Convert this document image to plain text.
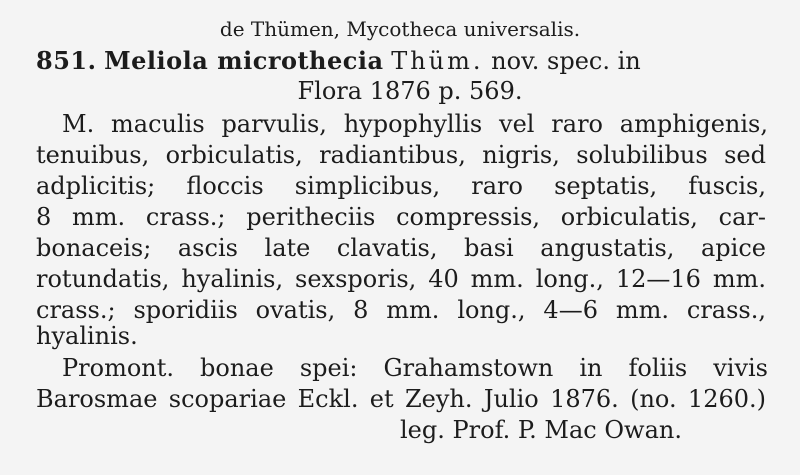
de Thümen, Mycotheca universalis.
851. Meliola microthecia Thüm. nov. spec. in
Flora 1876 p. 569.
M. maculis parvulis, hypophyllis vel raro amphigenis,
tenuibus, orbiculatis, radiantibus, nigris, solubilibus sed
adplicitis; floccis simplicibus, raro septatis, fuscis,
8 mm. crass.; peritheciis compressis, orbiculatis, car-
bonaceis; ascis late clavatis, basi angustatis, apice
rotundatis, hyalinis, sexsporis, 40 mm. long., 12—16 mm.
crass.; sporidiis ovatis, 8 mm. long., 4—6 mm. crass.,
hyalinis.
Promont. bonae spei: Grahamstown in foliis vivis
Barosmae scopariae Eckl. et Zeyh. Julio 1876. (no. 1260.)
leg. Prof. P. Mac Owan.
